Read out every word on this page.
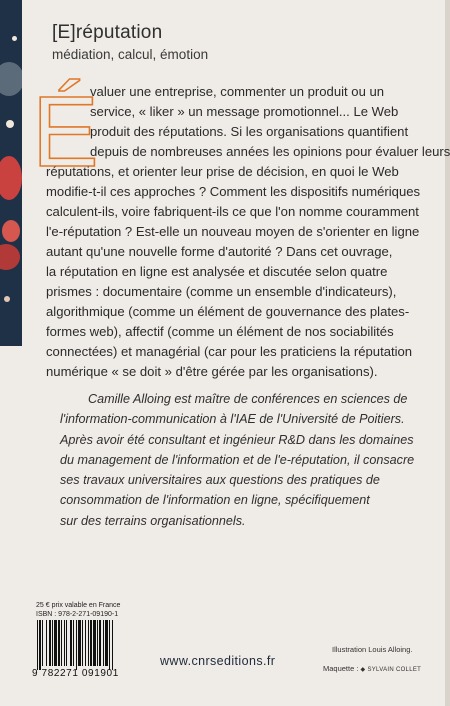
[E]réputation
médiation, calcul, émotion
É
valuer une entreprise, commenter un produit ou un
service, « liker » un message promotionnel... Le Web
produit des réputations. Si les organisations quantifient
depuis de nombreuses années les opinions pour évaluer leurs
réputations, et orienter leur prise de décision, en quoi le Web
modifie-t-il ces approches ? Comment les dispositifs numériques
calculent-ils, voire fabriquent-ils ce que l'on nomme couramment
l'e-réputation ? Est-elle un nouveau moyen de s'orienter en ligne
autant qu'une nouvelle forme d'autorité ? Dans cet ouvrage,
la réputation en ligne est analysée et discutée selon quatre
prismes : documentaire (comme un ensemble d'indicateurs),
algorithmique (comme un élément de gouvernance des plates-
formes web), affectif (comme un élément de nos sociabilités
connectées) et managérial (car pour les praticiens la réputation
numérique « se doit » d'être gérée par les organisations).
Camille Alloing est maître de conférences en sciences de
l'information-communication à l'IAE de l'Université de Poitiers.
Après avoir été consultant et ingénieur R&D dans les domaines
du management de l'information et de l'e-réputation, il consacre
ses travaux universitaires aux questions des pratiques de
consommation de l'information en ligne, spécifiquement
sur des terrains organisationnels.
25 € prix valable en France
ISBN : 978-2-271-09190-1
9 782271 091901
www.cnrseditions.fr
Illustration Louis Alloing.
Maquette : ◆ SYLVAIN COLLET
